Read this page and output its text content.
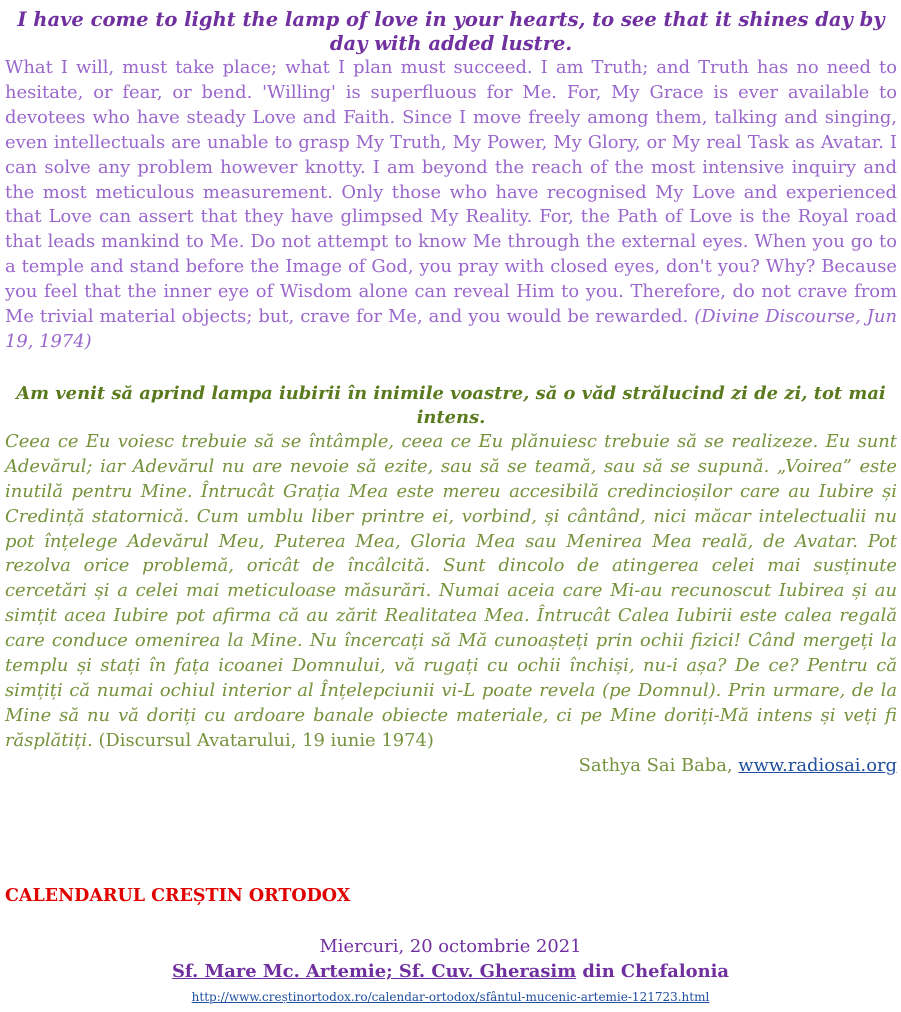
I have come to light the lamp of love in your hearts, to see that it shines day by day with added lustre.

What I will, must take place; what I plan must succeed. I am Truth; and Truth has no need to hesitate, or fear, or bend. 'Willing' is superfluous for Me. For, My Grace is ever available to devotees who have steady Love and Faith. Since I move freely among them, talking and singing, even intellectuals are unable to grasp My Truth, My Power, My Glory, or My real Task as Avatar. I can solve any problem however knotty. I am beyond the reach of the most intensive inquiry and the most meticulous measurement. Only those who have recognised My Love and experienced that Love can assert that they have glimpsed My Reality. For, the Path of Love is the Royal road that leads mankind to Me. Do not attempt to know Me through the external eyes. When you go to a temple and stand before the Image of God, you pray with closed eyes, don't you? Why? Because you feel that the inner eye of Wisdom alone can reveal Him to you. Therefore, do not crave from Me trivial material objects; but, crave for Me, and you would be rewarded. (Divine Discourse, Jun 19, 1974)

Am venit să aprind lampa iubirii în inimile voastre, să o văd strălucind zi de zi, tot mai intens.

Ceea ce Eu voiesc trebuie să se întâmple, ceea ce Eu plănuiesc trebuie să se realizeze. Eu sunt Adevărul; iar Adevărul nu are nevoie să ezite, sau să se teamă, sau să se supună. „Voirea” este inutilă pentru Mine. Întrucât Grația Mea este mereu accesibilă credincioșilor care au Iubire și Credință statornică. Cum umblu liber printre ei, vorbind, și cântând, nici măcar intelectualii nu pot înțelege Adevărul Meu, Puterea Mea, Gloria Mea sau Menirea Mea reală, de Avatar. Pot rezolva orice problemă, oricât de încâlcită. Sunt dincolo de atingerea celei mai susținute cercetări și a celei mai meticuloase măsurări. Numai aceia care Mi-au recunoscut Iubirea și au simțit acea Iubire pot afirma că au zărit Realitatea Mea. Întrucât Calea Iubirii este calea regală care conduce omenirea la Mine. Nu încercați să Mă cunoașteți prin ochii fizici! Când mergeți la templu și stați în fața icoanei Domnului, vă rugați cu ochii închiși, nu-i așa? De ce? Pentru că simțiți că numai ochiul interior al Înțelepciunii vi-L poate revela (pe Domnul). Prin urmare, de la Mine să nu vă doriți cu ardoare banale obiecte materiale, ci pe Mine doriți-Mă intens și veți fi răsplătiți. (Discursul Avatarului, 19 iunie 1974)

Sathya Sai Baba, www.radiosai.org

CALENDARUL CREȘTIN ORTODOX

Miercuri, 20 octombrie 2021

Sf. Mare Mc. Artemie; Sf. Cuv. Gherasim din Chefalonia

http://www.creștinortodox.ro/calendar-ortodox/sfântul-mucenic-artemie-121723.html
